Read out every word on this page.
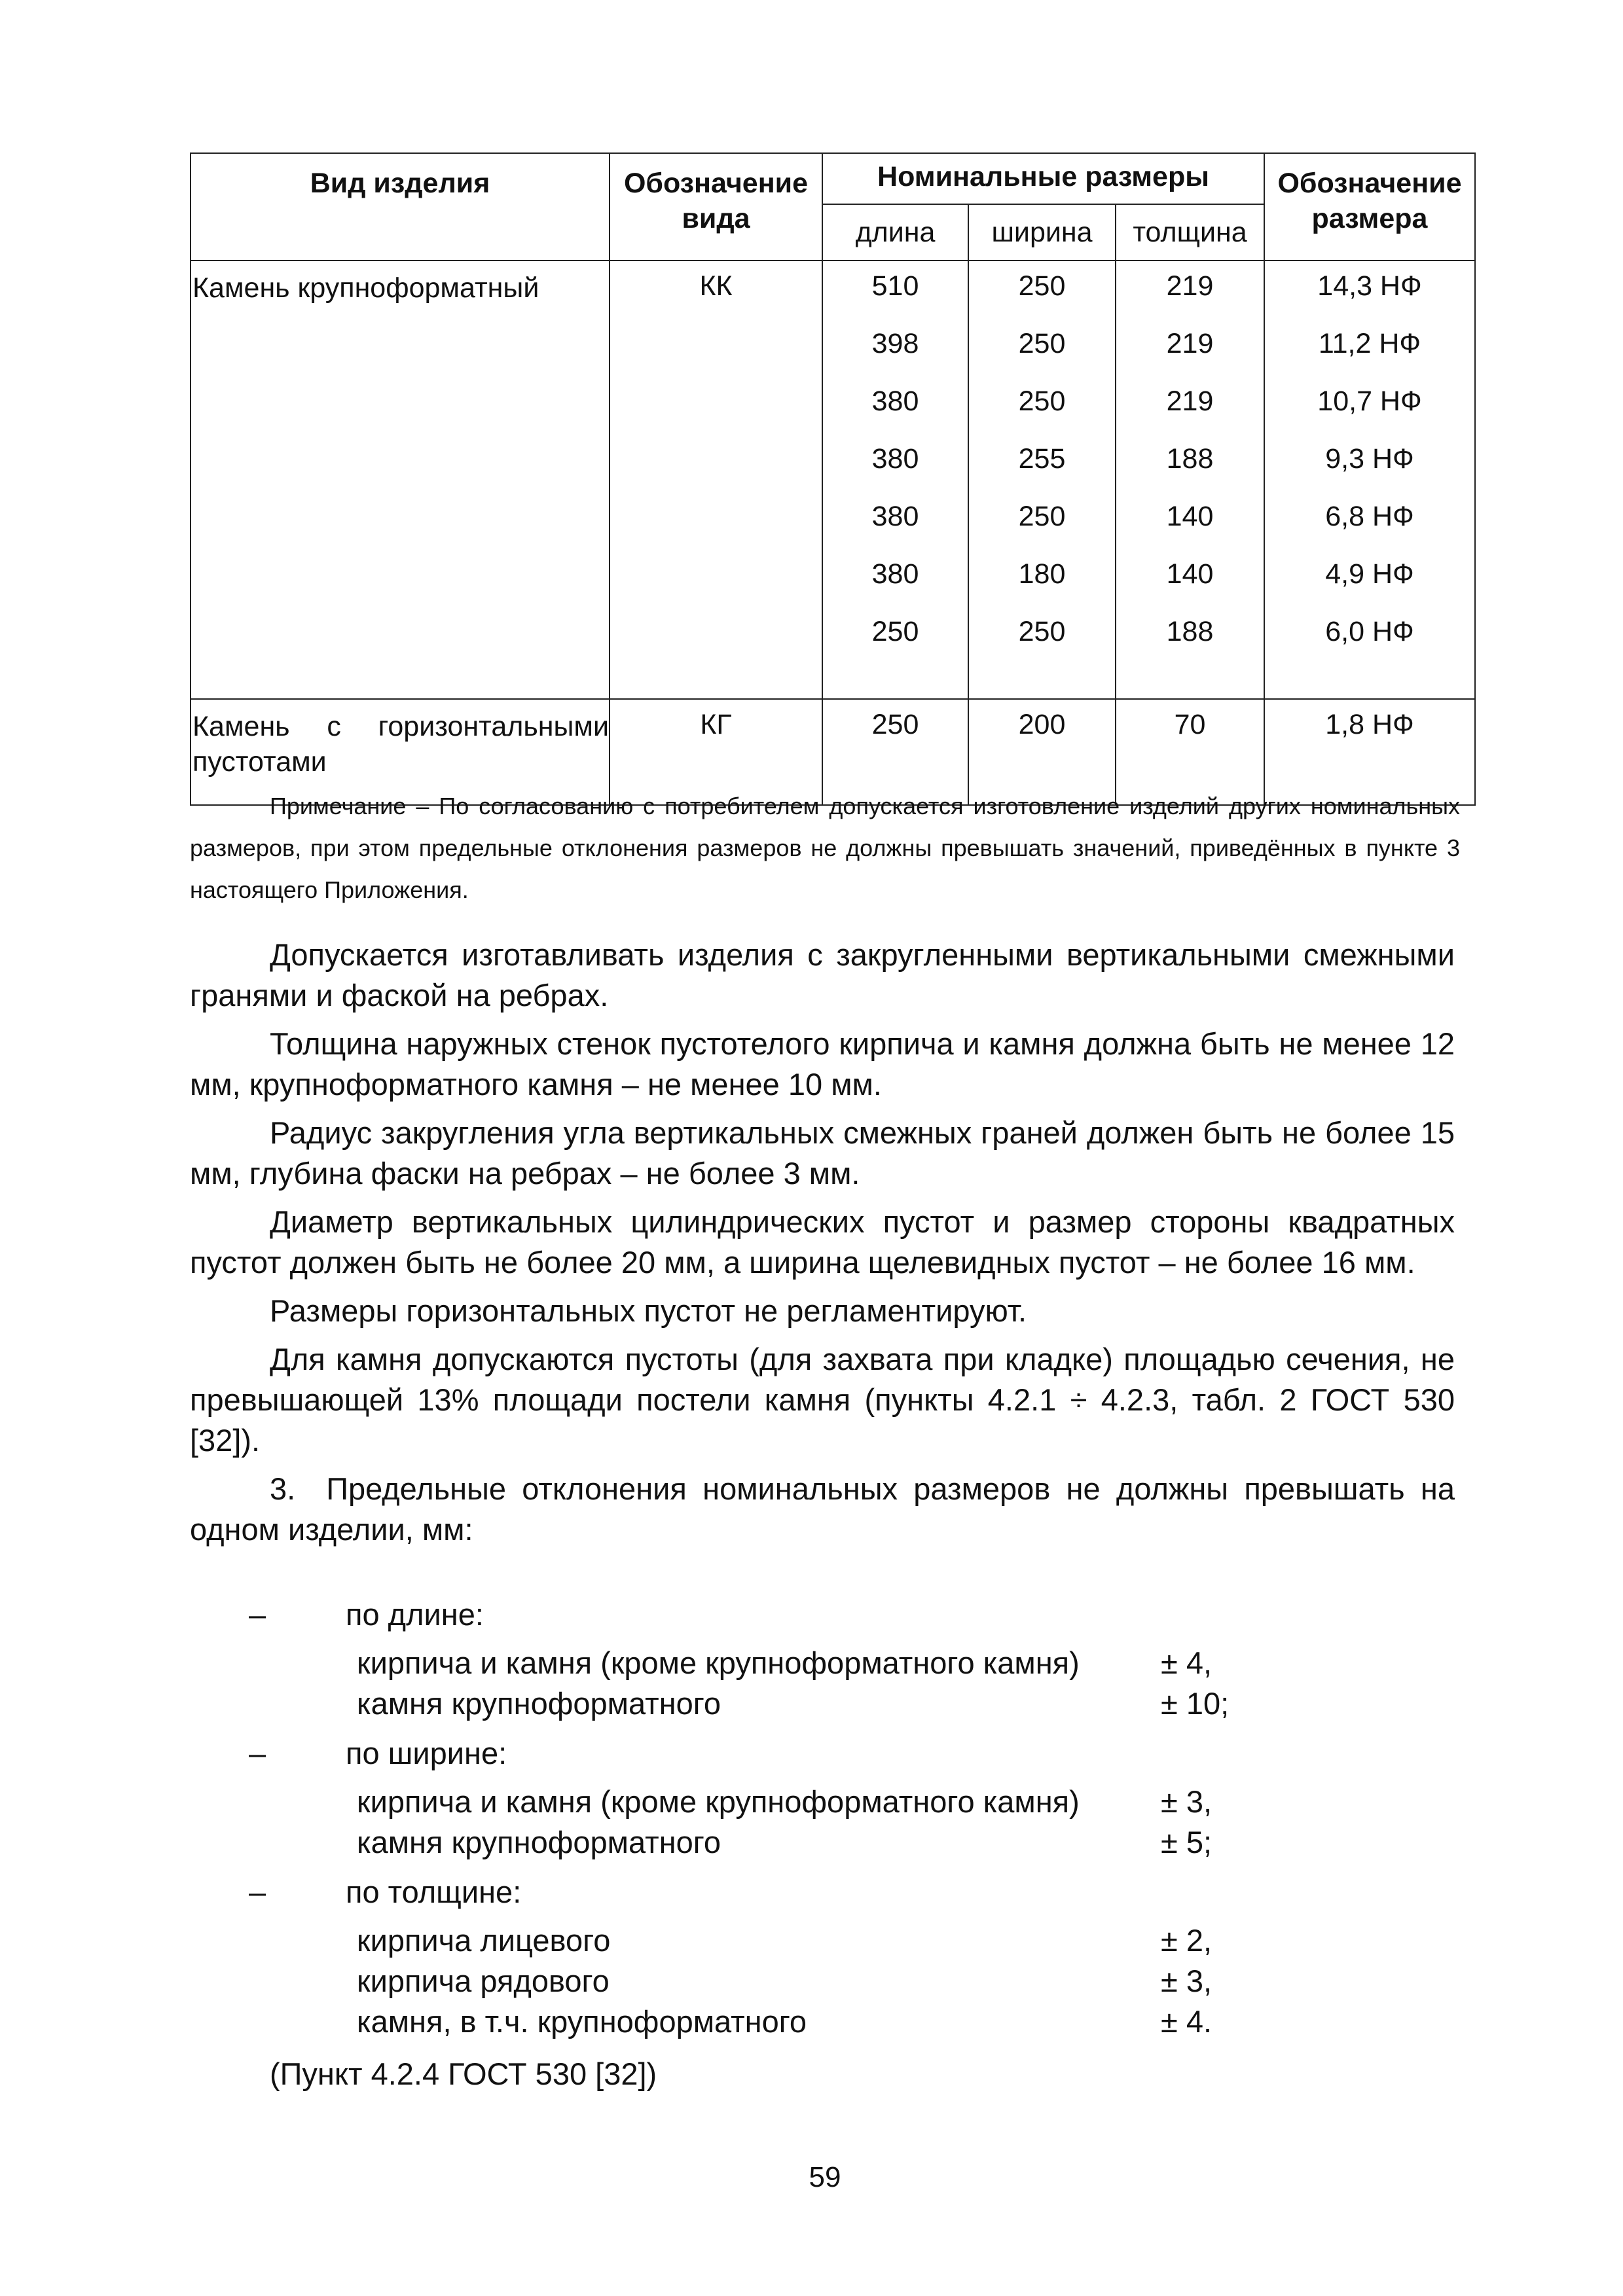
Вид изделия	Обозначение вида	Номинальные размеры			Обозначение размера
		длина	ширина	толщина	
Камень крупноформатный	КК	510	250	219	14,3 НФ
		398	250	219	11,2 НФ
		380	250	219	10,7 НФ
		380	255	188	9,3 НФ
		380	250	140	6,8 НФ
		380	180	140	4,9 НФ
		250	250	188	6,0 НФ

Камень с горизонтальными
пустотами	КГ	250	200	70	1,8 НФ
Примечание – По согласованию с потребителем допускается изготовление изделий других номинальных размеров, при этом предельные отклонения размеров не должны превышать значений, приведённых в пункте 3 настоящего Приложения.

Допускается изготавливать изделия с закругленными вертикальными смежными гранями и фаской на ребрах.

Толщина наружных стенок пустотелого кирпича и камня должна быть не менее 12 мм, крупноформатного камня – не менее 10 мм.

Радиус закругления угла вертикальных смежных граней должен быть не более 15 мм, глубина фаски на ребрах – не более 3 мм.

Диаметр вертикальных цилиндрических пустот и размер стороны квадратных пустот должен быть не более 20 мм, а ширина щелевидных пустот – не более 16 мм.

Размеры горизонтальных пустот не регламентируют.

Для камня допускаются пустоты (для захвата при кладке) площадью сечения, не превышающей 13% площади постели камня (пункты 4.2.1 ÷ 4.2.3, табл. 2 ГОСТ 530 [32]).

3. Предельные отклонения номинальных размеров не должны превышать на одном изделии, мм:

–	по длине:
кирпича и камня (кроме крупноформатного камня)	± 4,
камня крупноформатного	± 10;
–	по ширине:
кирпича и камня (кроме крупноформатного камня)	± 3,
камня крупноформатного	± 5;
–	по толщине:
кирпича лицевого	± 2,
кирпича рядового	± 3,
камня, в т.ч. крупноформатного	± 4.
(Пункт 4.2.4 ГОСТ 530 [32])
59
